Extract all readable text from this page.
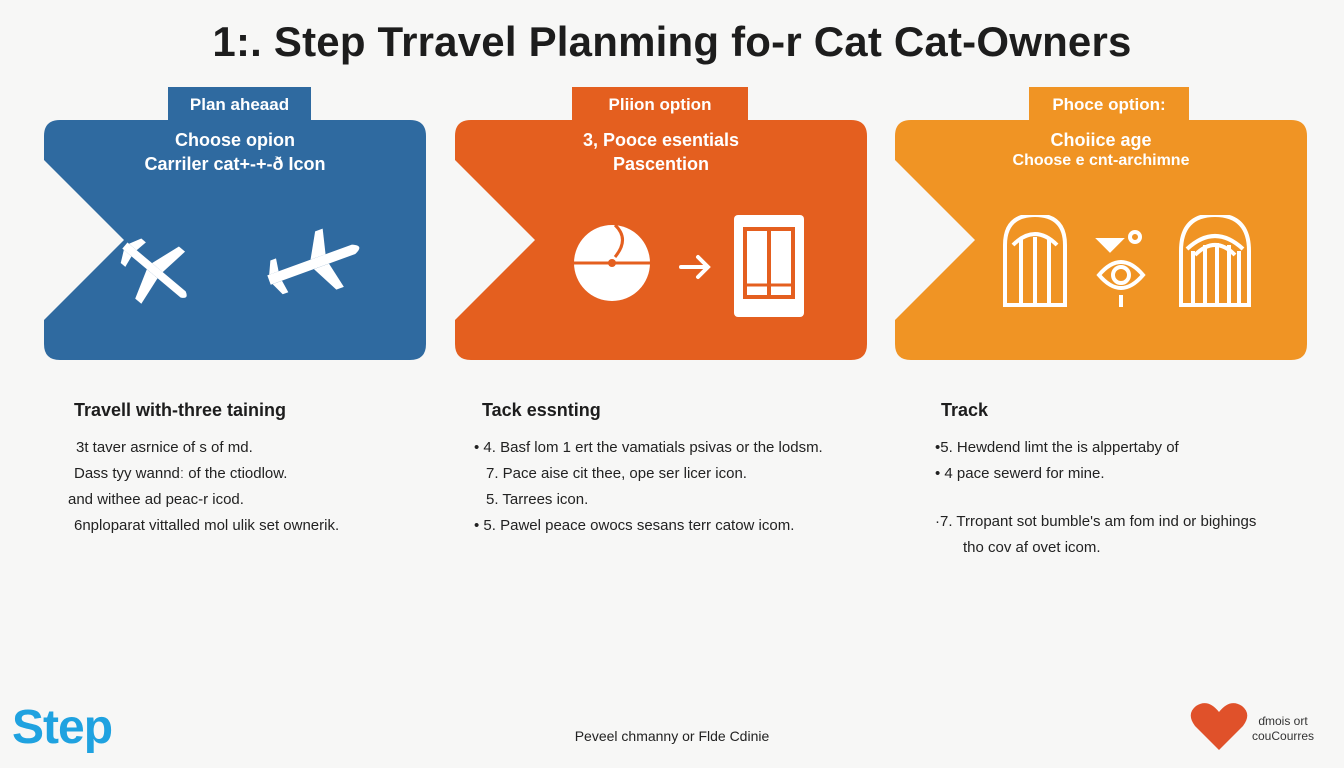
1:. Step Trravel Planming fo-r Cat Cat-Owners
Plan aheaad	Pliion option	Phoce option:
Choose opion
Carriler cat+-+-ð Icon
3, Pooce esentials
Pascention
Choiice age
Choose e cnt-archimne
Travell with-three taining
3t taver asrnice of s of md.
Dass tyy wanndː of the ctiodlow.
and withee ad peac-r icod.
6nploparat vittalled mol ulik set ownerik.
Tack essnting
• 4. Basf lom 1 ert the vamatials psivas or the lodsm.
7. Pace aise cit thee, ope ser licer icon.
5. Tarrees icon.
• 5. Pawel peace owocs sesans terr catow icom.
Track
•5. Hewdend limt the is alppertaby of
• 4 pace sewerd for mine.
·7. Trropant sot bumble's am fom ind or bighings
tho cov af ovet icom.
Step	Peveel chmanny or Flde Cdinie
ɗmois ort
couCourres
